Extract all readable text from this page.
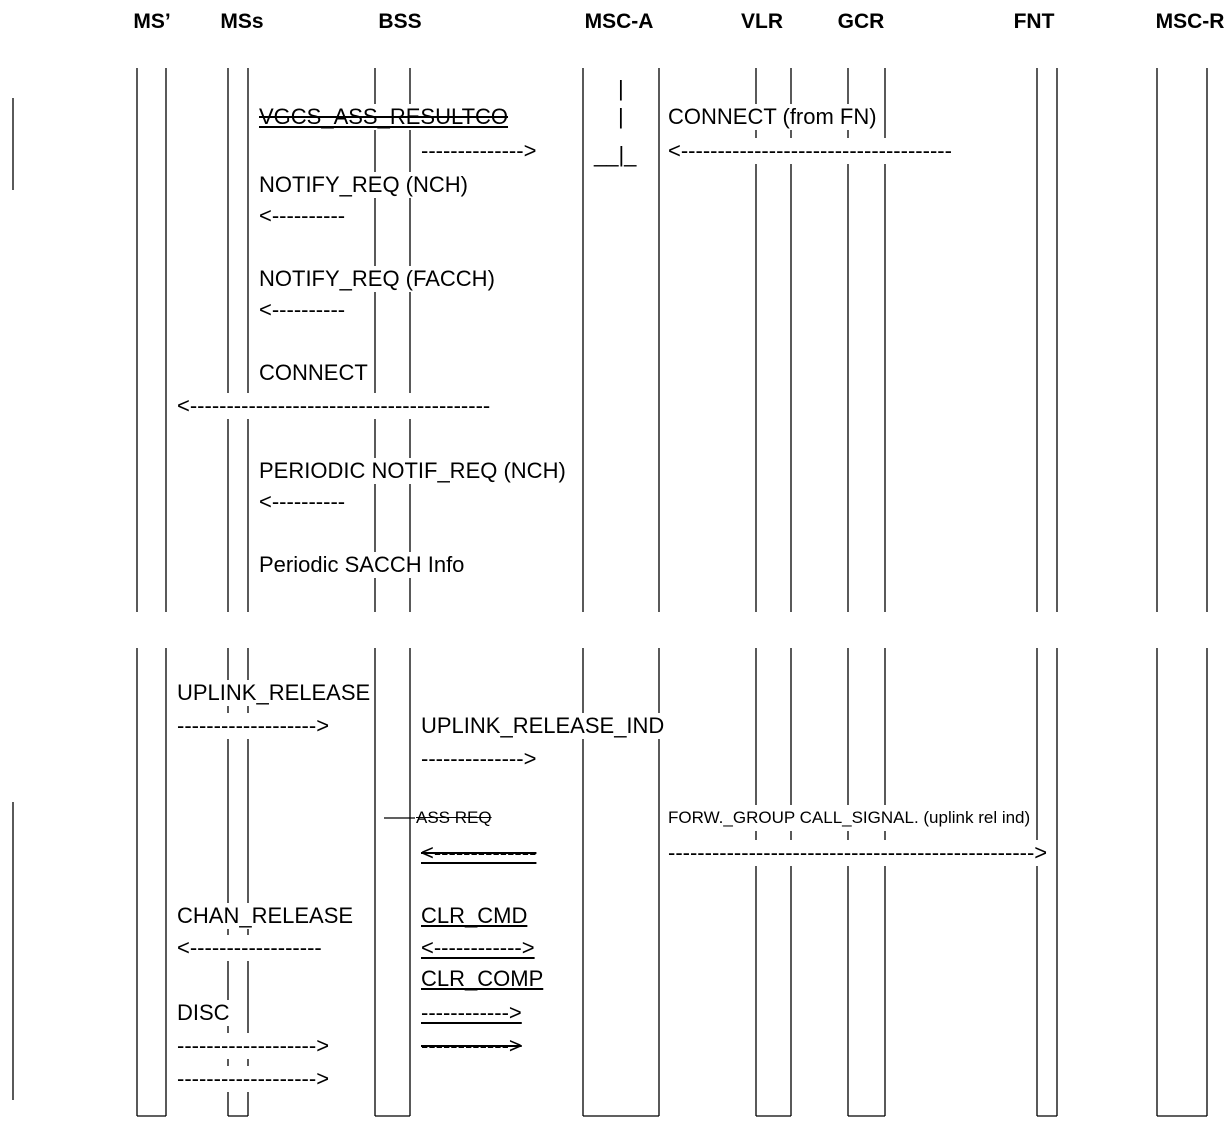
MS’ MSs	BSS	MSC-A	VLR	GCR	FNT	MSC-R
VGCS_ASS_RESULTCO
|
|
-------------->	__|_
CONNECT (from FN)
<-------------------------------------
NOTIFY_REQ (NCH)
<----------
NOTIFY_REQ (FACCH)
<----------
CONNECT
<-----------------------------------------
PERIODIC NOTIF_REQ (NCH)
<----------
Periodic SACCH Info
UPLINK_RELEASE
------------------->	UPLINK_RELEASE_IND
-------------->
ASS REQ	FORW._GROUP CALL_SIGNAL. (uplink rel ind)
<--------------	-------------------------------------------------->
CHAN_RELEASE	CLR_CMD
<------------------	<------------>
CLR_COMP
DISC	------------>
------------------->	------------>
------------------->
